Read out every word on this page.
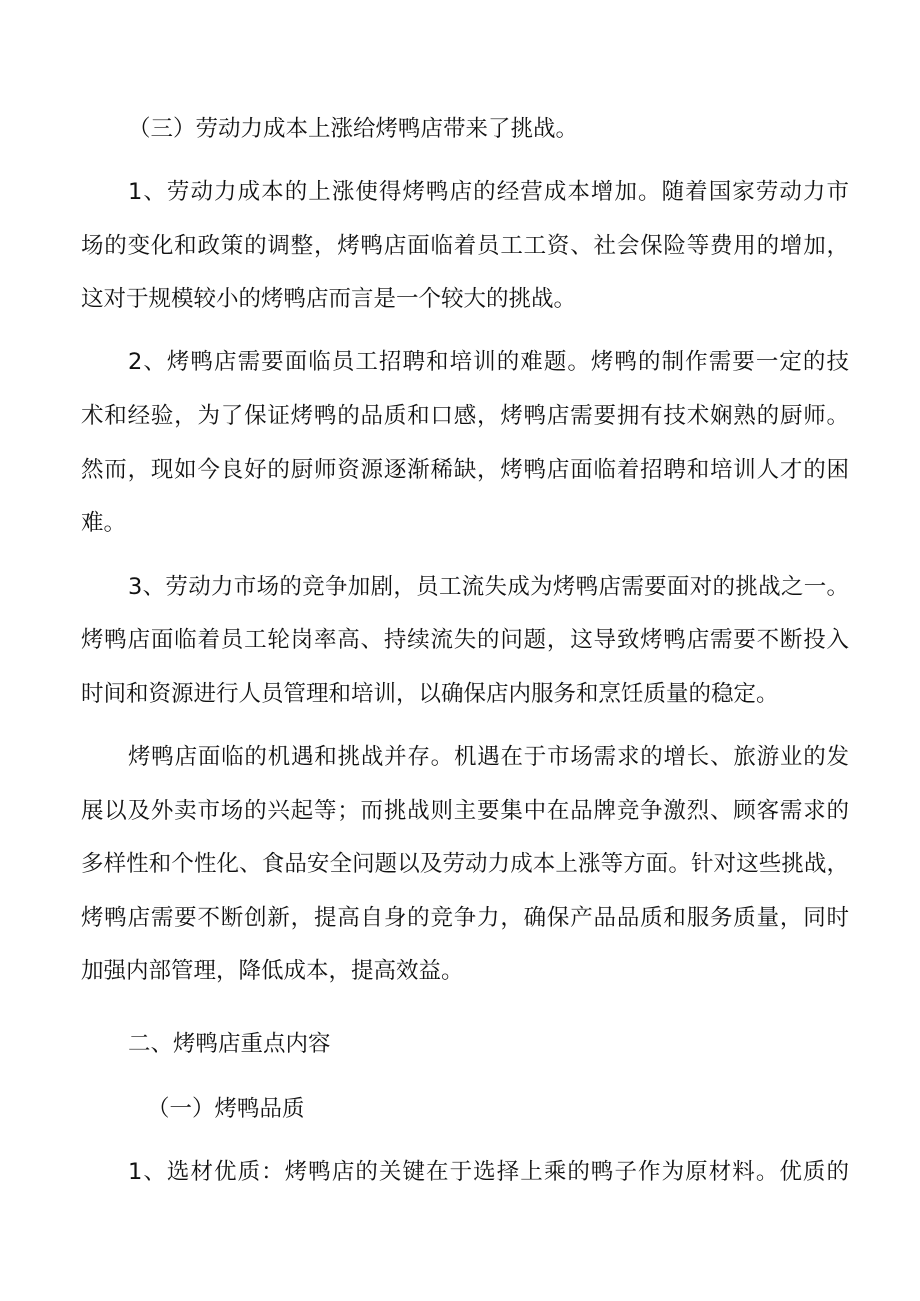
（三）劳动力成本上涨给烤鸭店带来了挑战。
1、劳动力成本的上涨使得烤鸭店的经营成本增加。随着国家劳动力市
场的变化和政策的调整，烤鸭店面临着员工工资、社会保险等费用的增加，
这对于规模较小的烤鸭店而言是一个较大的挑战。
2、烤鸭店需要面临员工招聘和培训的难题。烤鸭的制作需要一定的技
术和经验，为了保证烤鸭的品质和口感，烤鸭店需要拥有技术娴熟的厨师。
然而，现如今良好的厨师资源逐渐稀缺，烤鸭店面临着招聘和培训人才的困
难。
3、劳动力市场的竞争加剧，员工流失成为烤鸭店需要面对的挑战之一。
烤鸭店面临着员工轮岗率高、持续流失的问题，这导致烤鸭店需要不断投入
时间和资源进行人员管理和培训，以确保店内服务和烹饪质量的稳定。
烤鸭店面临的机遇和挑战并存。机遇在于市场需求的增长、旅游业的发
展以及外卖市场的兴起等；而挑战则主要集中在品牌竞争激烈、顾客需求的
多样性和个性化、食品安全问题以及劳动力成本上涨等方面。针对这些挑战，
烤鸭店需要不断创新，提高自身的竞争力，确保产品品质和服务质量，同时
加强内部管理，降低成本，提高效益。
二、烤鸭店重点内容
（一）烤鸭品质
1、选材优质：烤鸭店的关键在于选择上乘的鸭子作为原材料。优质的
